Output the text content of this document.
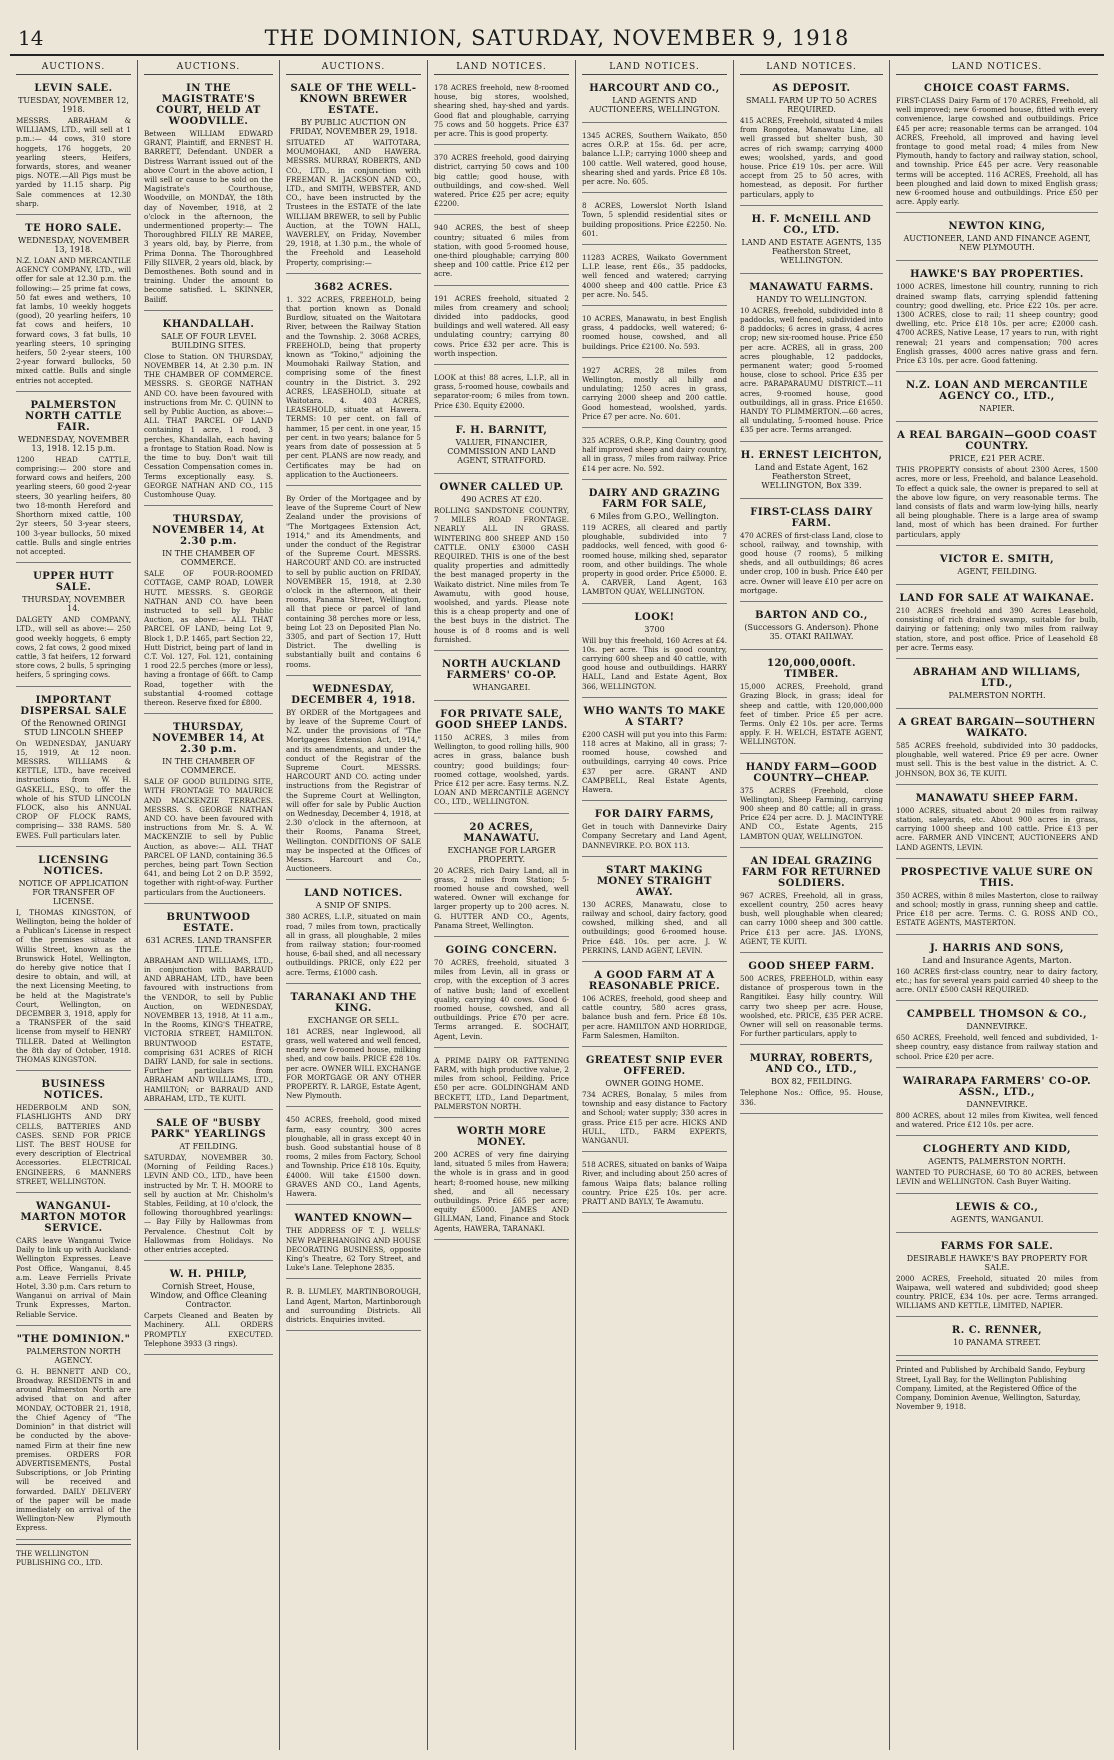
14	THE DOMINION, SATURDAY, NOVEMBER 9, 1918
AUCTIONS.
LEVIN SALE.
TUESDAY, NOVEMBER 12, 1918.
MESSRS. ABRAHAM & WILLIAMS, LTD., will sell at 1 p.m.:— 44 cows, 310 store hoggets, 176 hoggets, 20 yearling steers, Heifers, forwards, stores, and weaner pigs. NOTE.—All Pigs must be yarded by 11.15 sharp. Pig Sale commences at 12.30 sharp.
TE HORO SALE.
WEDNESDAY, NOVEMBER 13, 1918.
N.Z. LOAN AND MERCANTILE AGENCY COMPANY, LTD., will offer for sale at 12.30 p.m. the following:— 25 prime fat cows, 50 fat ewes and wethers, 10 fat lambs, 10 weekly hoggets (good), 20 yearling heifers, 10 fat cows and heifers, 10 forward cows, 3 fat bulls, 10 yearling steers, 10 springing heifers, 50 2-year steers, 100 2-year forward bullocks, 50 mixed cattle. Bulls and single entries not accepted.
PALMERSTON NORTH CATTLE FAIR.
WEDNESDAY, NOVEMBER 13, 1918. 12.15 p.m.
1200 HEAD CATTLE, comprising:— 200 store and forward cows and heifers, 200 yearling steers, 60 good 2-year steers, 30 yearling heifers, 80 two 18-month Hereford and Shorthorn mixed cattle, 100 2yr steers, 50 3-year steers, 100 3-year bullocks, 50 mixed cattle. Bulls and single entries not accepted.
UPPER HUTT SALE.
THURSDAY, NOVEMBER 14.
DALGETY AND COMPANY, LTD., will sell as above:— 250 good weekly hoggets, 6 empty cows, 2 fat cows, 2 good mixed cattle, 3 fat heifers, 12 forward store cows, 2 bulls, 5 springing heifers, 5 springing cows.
IMPORTANT DISPERSAL SALE
Of the Renowned ORINGI STUD LINCOLN SHEEP
On WEDNESDAY, JANUARY 15, 1919, At 12 noon. MESSRS. WILLIAMS & KETTLE, LTD., have received instructions from W. H. GASKELL, ESQ., to offer the whole of his STUD LINCOLN FLOCK, also his ANNUAL CROP OF FLOCK RAMS, comprising— 338 RAMS. 580 EWES. Full particulars later.
LICENSING NOTICES.
NOTICE OF APPLICATION FOR TRANSFER OF LICENSE.
I, THOMAS KINGSTON, of Wellington, being the holder of a Publican's License in respect of the premises situate at Willis Street, known as the Brunswick Hotel, Wellington, do hereby give notice that I desire to obtain, and will, at the next Licensing Meeting, to be held at the Magistrate's Court, Wellington, on DECEMBER 3, 1918, apply for a TRANSFER of the said license from myself to HENRY TILLER. Dated at Wellington the 8th day of October, 1918. THOMAS KINGSTON.
BUSINESS NOTICES.
HEDERBOLM AND SON, FLASHLIGHTS AND DRY CELLS, BATTERIES AND CASES. SEND FOR PRICE LIST. The BEST HOUSE for every description of Electrical Accessories. ELECTRICAL ENGINEERS, 6 MANNERS STREET, WELLINGTON.
WANGANUI-MARTON MOTOR SERVICE.
CARS leave Wanganui Twice Daily to link up with Auckland-Wellington Expresses. Leave Post Office, Wanganui, 8.45 a.m. Leave Ferriells Private Hotel, 3.30 p.m. Cars return to Wanganui on arrival of Main Trunk Expresses, Marton. Reliable Service.
"THE DOMINION."
PALMERSTON NORTH AGENCY.
G. H. BENNETT AND CO., Broadway. RESIDENTS in and around Palmerston North are advised that on and after MONDAY, OCTOBER 21, 1918, the Chief Agency of "The Dominion" in that district will be conducted by the above-named Firm at their fine new premises. ORDERS FOR ADVERTISEMENTS, Postal Subscriptions, or Job Printing will be received and forwarded. DAILY DELIVERY of the paper will be made immediately on arrival of the Wellington-New Plymouth Express.
THE WELLINGTON PUBLISHING CO., LTD.
AUCTIONS.
IN THE MAGISTRATE'S COURT, HELD AT WOODVILLE.
Between WILLIAM EDWARD GRANT, Plaintiff, and ERNEST H. BARRETT, Defendant. UNDER a Distress Warrant issued out of the above Court in the above action, I will sell or cause to be sold on the Magistrate's Courthouse, Woodville, on MONDAY, the 18th day of November, 1918, at 2 o'clock in the afternoon, the undermentioned property:— The Thoroughbred FILLY RE MAREE, 3 years old, bay, by Pierre, from Prima Donna. The Thoroughbred Filly SILVER, 2 years old, black, by Demosthenes. Both sound and in training. Under the amount to become satisfied. L. SKINNER, Bailiff.
KHANDALLAH.
SALE OF FOUR LEVEL BUILDING SITES.
Close to Station. ON THURSDAY, NOVEMBER 14, At 2.30 p.m. IN THE CHAMBER OF COMMERCE. MESSRS. S. GEORGE NATHAN AND CO. have been favoured with instructions from Mr. C. QUINN to sell by Public Auction, as above:— ALL THAT PARCEL OF LAND containing 1 acre, 1 rood, 3 perches, Khandallah, each having a frontage to Station Road. Now is the time to buy. Don't wait till Cessation Compensation comes in. Terms exceptionally easy. S. GEORGE NATHAN AND CO., 115 Customhouse Quay.
THURSDAY, NOVEMBER 14, At 2.30 p.m.
IN THE CHAMBER OF COMMERCE.
SALE OF FOUR-ROOMED COTTAGE, CAMP ROAD, LOWER HUTT. MESSRS. S. GEORGE NATHAN AND CO. have been instructed to sell by Public Auction, as above:— ALL THAT PARCEL OF LAND, being Lot 9, Block 1, D.P. 1465, part Section 22, Hutt District, being part of land in C.T. Vol. 127, Fol. 121, containing 1 rood 22.5 perches (more or less), having a frontage of 66ft. to Camp Road, together with the substantial 4-roomed cottage thereon. Reserve fixed for £800.
THURSDAY, NOVEMBER 14, At 2.30 p.m.
IN THE CHAMBER OF COMMERCE.
SALE OF GOOD BUILDING SITE, WITH FRONTAGE TO MAURICE AND MACKENZIE TERRACES. MESSRS. S. GEORGE NATHAN AND CO. have been favoured with instructions from Mr. S. A. W. MACKENZIE to sell by Public Auction, as above:— ALL THAT PARCEL OF LAND, containing 36.5 perches, being part Town Section 641, and being Lot 2 on D.P. 3592, together with right-of-way. Further particulars from the Auctioneers.
BRUNTWOOD ESTATE.
631 ACRES. LAND TRANSFER TITLE.
ABRAHAM AND WILLIAMS, LTD., in conjunction with BARRAUD AND ABRAHAM, LTD., have been favoured with instructions from the VENDOR, to sell by Public Auction, on WEDNESDAY, NOVEMBER 13, 1918, At 11 a.m., In the Rooms, KING'S THEATRE, VICTORIA STREET, HAMILTON. BRUNTWOOD ESTATE, comprising 631 ACRES of RICH DAIRY LAND, for sale in sections. Further particulars from ABRAHAM AND WILLIAMS, LTD., HAMILTON; or BARRAUD AND ABRAHAM, LTD., TE KUITI.
SALE OF "BUSBY PARK" YEARLINGS
AT FEILDING.
SATURDAY, NOVEMBER 30. (Morning of Feilding Races.) LEVIN AND CO., LTD., have been instructed by Mr. T. H. MOORE to sell by auction at Mr. Chisholm's Stables, Feilding, at 10 o'clock, the following thoroughbred yearlings:— Bay Filly by Hallowmas from Pervalence. Chestnut Colt by Hallowmas from Holidays. No other entries accepted.
W. H. PHILP,
Cornish Street, House, Window, and Office Cleaning Contractor.
Carpets Cleaned and Beaten by Machinery. ALL ORDERS PROMPTLY EXECUTED. Telephone 3933 (3 rings).
AUCTIONS.
SALE OF THE WELL-KNOWN BREWER ESTATE.
BY PUBLIC AUCTION ON FRIDAY, NOVEMBER 29, 1918.
SITUATED AT WAITOTARA, MOUMOHAKI, AND HAWERA. MESSRS. MURRAY, ROBERTS, AND CO., LTD., in conjunction with FREEMAN R. JACKSON AND CO., LTD., and SMITH, WEBSTER, AND CO., have been instructed by the Trustees in the ESTATE of the late WILLIAM BREWER, to sell by Public Auction, at the TOWN HALL, WAVERLEY, on Friday, November 29, 1918, at 1.30 p.m., the whole of the Freehold and Leasehold Property, comprising:—
3682 ACRES.
1. 322 ACRES, FREEHOLD, being that portion known as Donald Burdlow, situated on the Waitotara River, between the Railway Station and the Township. 2. 3068 ACRES, FREEHOLD, being that property known as "Tokino," adjoining the Moumohaki Railway Station, and comprising some of the finest country in the District. 3. 292 ACRES, LEASEHOLD, situate at Waitotara. 4. 403 ACRES, LEASEHOLD, situate at Hawera. TERMS: 10 per cent. on fall of hammer, 15 per cent. in one year, 15 per cent. in two years; balance for 5 years from date of possession at 5 per cent. PLANS are now ready, and Certificates may be had on application to the Auctioneers.
By Order of the Mortgagee and by leave of the Supreme Court of New Zealand under the provisions of "The Mortgagees Extension Act, 1914," and its Amendments, and under the conduct of the Registrar of the Supreme Court. MESSRS. HARCOURT AND CO. are instructed to sell by public auction on FRIDAY, NOVEMBER 15, 1918, at 2.30 o'clock in the afternoon, at their rooms, Panama Street, Wellington, all that piece or parcel of land containing 38 perches more or less, being Lot 23 on Deposited Plan No. 3305, and part of Section 17, Hutt District. The dwelling is substantially built and contains 6 rooms.
WEDNESDAY, DECEMBER 4, 1918.
BY ORDER of the Mortgagees and by leave of the Supreme Court of N.Z. under the provisions of "The Mortgagees Extension Act, 1914," and its amendments, and under the conduct of the Registrar of the Supreme Court. MESSRS. HARCOURT AND CO. acting under instructions from the Registrar of the Supreme Court at Wellington, will offer for sale by Public Auction on Wednesday, December 4, 1918, at 2.30 o'clock in the afternoon, at their Rooms, Panama Street, Wellington. CONDITIONS OF SALE may be inspected at the Offices of Messrs. Harcourt and Co., Auctioneers.
LAND NOTICES.
A SNIP OF SNIPS.
380 ACRES, L.I.P., situated on main road, 7 miles from town, practically all in grass, all ploughable, 2 miles from railway station; four-roomed house, 6-bail shed, and all necessary outbuildings. PRICE, only £22 per acre. Terms, £1000 cash.
TARANAKI AND THE KING.
EXCHANGE OR SELL.
181 ACRES, near Inglewood, all grass, well watered and well fenced, nearly new 6-roomed house, milking shed, and cow bails. PRICE £28 10s. per acre. OWNER WILL EXCHANGE FOR MORTGAGE OR ANY OTHER PROPERTY. R. LARGE, Estate Agent, New Plymouth.
450 ACRES, freehold, good mixed farm, easy country, 300 acres ploughable, all in grass except 40 in bush. Good substantial house of 8 rooms, 2 miles from Factory, School and Township. Price £18 10s. Equity, £4000. Will take £1500 down. GRAVES AND CO., Land Agents, Hawera.
WANTED KNOWN—
THE ADDRESS OF T. J. WELLS' NEW PAPERHANGING AND HOUSE DECORATING BUSINESS, opposite King's Theatre, 62 Tory Street, and Luke's Lane. Telephone 2835.
R. B. LUMLEY, MARTINBOROUGH, Land Agent, Marton, Martinborough and surrounding Districts. All districts. Enquiries invited.
LAND NOTICES.
178 ACRES freehold, new 8-roomed house, big stores, woolshed, shearing shed, hay-shed and yards. Good flat and ploughable, carrying 75 cows and 50 hoggets. Price £37 per acre. This is good property.
370 ACRES freehold, good dairying district, carrying 50 cows and 100 big cattle; good house, with outbuildings, and cow-shed. Well watered. Price £25 per acre; equity £2200.
940 ACRES, the best of sheep country; situated 6 miles from station, with good 5-roomed house, one-third ploughable; carrying 800 sheep and 100 cattle. Price £12 per acre.
191 ACRES freehold, situated 2 miles from creamery and school; divided into paddocks, good buildings and well watered. All easy undulating country; carrying 80 cows. Price £32 per acre. This is worth inspection.
LOOK at this! 88 acres, L.I.P., all in grass, 5-roomed house, cowbails and separator-room; 6 miles from town. Price £30. Equity £2000.
F. H. BARNITT,
VALUER, FINANCIER, COMMISSION AND LAND AGENT, STRATFORD.
OWNER CALLED UP.
490 ACRES AT £20.
ROLLING SANDSTONE COUNTRY, 7 MILES ROAD FRONTAGE. NEARLY ALL IN GRASS. WINTERING 800 SHEEP AND 150 CATTLE. ONLY £3000 CASH REQUIRED. THIS is one of the best quality properties and admittedly the best managed property in the Waikato district. Nine miles from Te Awamutu, with good house, woolshed, and yards. Please note this is a cheap property and one of the best buys in the district. The house is of 8 rooms and is well furnished.
NORTH AUCKLAND FARMERS' CO-OP.
WHANGAREI.
FOR PRIVATE SALE, GOOD SHEEP LANDS.
1150 ACRES, 3 miles from Wellington, to good rolling hills, 900 acres in grass, balance bush country; good buildings; four-roomed cottage, woolshed, yards. Price £12 per acre. Easy terms. N.Z. LOAN AND MERCANTILE AGENCY CO., LTD., WELLINGTON.
20 ACRES, MANAWATU.
EXCHANGE FOR LARGER PROPERTY.
20 ACRES, rich Dairy Land, all in grass, 2 miles from Station; 5-roomed house and cowshed, well watered. Owner will exchange for larger property up to 200 acres. N. G. HUTTER AND CO., Agents, Panama Street, Wellington.
GOING CONCERN.
70 ACRES, freehold, situated 3 miles from Levin, all in grass or crop, with the exception of 3 acres of native bush; land of excellent quality, carrying 40 cows. Good 6-roomed house, cowshed, and all outbuildings. Price £70 per acre. Terms arranged. E. SOCHAIT, Agent, Levin.
A PRIME DAIRY OR FATTENING FARM, with high productive value, 2 miles from school, Feilding. Price £50 per acre. GOLDINGHAM AND BECKETT, LTD., Land Department, PALMERSTON NORTH.
WORTH MORE MONEY.
200 ACRES of very fine dairying land, situated 5 miles from Hawera; the whole is in grass and in good heart; 8-roomed house, new milking shed, and all necessary outbuildings. Price £65 per acre; equity £5000. JAMES AND GILLMAN, Land, Finance and Stock Agents, HAWERA, TARANAKI.
LAND NOTICES.
HARCOURT AND CO.,
LAND AGENTS AND AUCTIONEERS, WELLINGTON.
1345 ACRES, Southern Waikato, 850 acres O.R.P. at 15s. 6d. per acre, balance L.I.P.; carrying 1000 sheep and 100 cattle. Well watered, good house, shearing shed and yards. Price £8 10s. per acre. No. 605.
8 ACRES, Lowerslot North Island Town, 5 splendid residential sites or building propositions. Price £2250. No. 601.
11283 ACRES, Waikato Government L.I.P. lease, rent £6s., 35 paddocks, well fenced and watered; carrying 4000 sheep and 400 cattle. Price £3 per acre. No. 545.
10 ACRES, Manawatu, in best English grass, 4 paddocks, well watered; 6-roomed house, cowshed, and all buildings. Price £2100. No. 593.
1927 ACRES, 28 miles from Wellington, mostly all hilly and undulating; 1250 acres in grass, carrying 2000 sheep and 200 cattle. Good homestead, woolshed, yards. Price £7 per acre. No. 601.
325 ACRES, O.R.P., King Country, good half improved sheep and dairy country, all in grass, 7 miles from railway. Price £14 per acre. No. 592.
DAIRY AND GRAZING FARM FOR SALE,
6 Miles from G.P.O., Wellington.
119 ACRES, all cleared and partly ploughable, subdivided into 7 paddocks, well fenced, with good 6-roomed house, milking shed, separator room, and other buildings. The whole property in good order. Price £5000. E. A. CARVER, Land Agent, 163 LAMBTON QUAY, WELLINGTON.
LOOK!
3700
Will buy this freehold, 160 Acres at £4. 10s. per acre. This is good country, carrying 600 sheep and 40 cattle, with good house and outbuildings. HARRY HALL, Land and Estate Agent, Box 366, WELLINGTON.
WHO WANTS TO MAKE A START?
£200 CASH will put you into this Farm: 118 acres at Makino, all in grass; 7-roomed house, cowshed and outbuildings, carrying 40 cows. Price £37 per acre. GRANT AND CAMPBELL, Real Estate Agents, Hawera.
FOR DAIRY FARMS,
Get in touch with Dannevirke Dairy Company Secretary and Land Agent, DANNEVIRKE. P.O. BOX 113.
START MAKING MONEY STRAIGHT AWAY.
130 ACRES, Manawatu, close to railway and school, dairy factory, good cowshed, milking shed, and all outbuildings; good 6-roomed house. Price £48. 10s. per acre. J. W. PERKINS, LAND AGENT, LEVIN.
A GOOD FARM AT A REASONABLE PRICE.
106 ACRES, freehold, good sheep and cattle country, 580 acres grass, balance bush and fern. Price £8 10s. per acre. HAMILTON AND HORRIDGE, Farm Salesmen, Hamilton.
GREATEST SNIP EVER OFFERED.
OWNER GOING HOME.
734 ACRES, Bonalay, 5 miles from township and easy distance to Factory and School; water supply; 330 acres in grass. Price £15 per acre. HICKS AND HULL, LTD., FARM EXPERTS, WANGANUI.
518 ACRES, situated on banks of Waipa River, and including about 250 acres of famous Waipa flats; balance rolling country. Price £25 10s. per acre. PRATT AND BAYLY, Te Awamutu.
LAND NOTICES.
AS DEPOSIT.
SMALL FARM UP TO 50 ACRES REQUIRED.
415 ACRES, Freehold, situated 4 miles from Rongotea, Manawatu Line, all well grassed but shelter bush, 30 acres of rich swamp; carrying 4000 ewes; woolshed, yards, and good house. Price £19 10s. per acre. Will accept from 25 to 50 acres, with homestead, as deposit. For further particulars, apply to
H. F. McNEILL AND CO., LTD.
LAND AND ESTATE AGENTS, 135 Featherston Street, WELLINGTON.
MANAWATU FARMS.
HANDY TO WELLINGTON.
10 ACRES, freehold, subdivided into 8 paddocks, well fenced, subdivided into 8 paddocks; 6 acres in grass, 4 acres crop; new six-roomed house. Price £50 per acre. ACRES, all in grass, 200 acres ploughable, 12 paddocks, permanent water; good 5-roomed house, close to school. Price £35 per acre. PARAPARAUMU DISTRICT.—11 acres, 9-roomed house, good outbuildings, all in grass. Price £1650. HANDY TO PLIMMERTON.—60 acres, all undulating, 5-roomed house. Price £35 per acre. Terms arranged.
H. ERNEST LEICHTON,
Land and Estate Agent, 162 Featherston Street, WELLINGTON, Box 339.
FIRST-CLASS DAIRY FARM.
470 ACRES of first-class Land, close to school, railway, and township, with good house (7 rooms), 5 milking sheds, and all outbuildings; 86 acres under crop, 100 in bush. Price £40 per acre. Owner will leave £10 per acre on mortgage.
BARTON AND CO.,
(Successors G. Anderson). Phone 35. OTAKI RAILWAY.
120,000,000ft. TIMBER.
15,000 ACRES, Freehold, grand Grazing Block, in grass; ideal for sheep and cattle, with 120,000,000 feet of timber. Price £5 per acre. Terms. Only £2 10s. per acre. Terms apply. F. H. WELCH, ESTATE AGENT, WELLINGTON.
HANDY FARM—GOOD COUNTRY—CHEAP.
375 ACRES (Freehold, close Wellington), Sheep Farming, carrying 900 sheep and 80 cattle; all in grass. Price £24 per acre. D. J. MACINTYRE AND CO., Estate Agents, 215 LAMBTON QUAY, WELLINGTON.
AN IDEAL GRAZING FARM FOR RETURNED SOLDIERS.
967 ACRES, Freehold, all in grass, excellent country, 250 acres heavy bush, well ploughable when cleared; can carry 1000 sheep and 300 cattle. Price £13 per acre. JAS. LYONS, AGENT, TE KUITI.
GOOD SHEEP FARM.
500 ACRES, FREEHOLD, within easy distance of prosperous town in the Rangitikei. Easy hilly country. Will carry two sheep per acre. House, woolshed, etc. PRICE, £35 PER ACRE. Owner will sell on reasonable terms. For further particulars, apply to
MURRAY, ROBERTS, AND CO., LTD.,
BOX 82, FEILDING.
Telephone Nos.: Office, 95. House, 336.
LAND NOTICES.
CHOICE COAST FARMS.
FIRST-CLASS Dairy Farm of 170 ACRES, Freehold, all well improved; new 6-roomed house, fitted with every convenience, large cowshed and outbuildings. Price £45 per acre; reasonable terms can be arranged. 104 ACRES, Freehold, all improved and having level frontage to good metal road; 4 miles from New Plymouth, handy to factory and railway station, school, and township. Price £45 per acre. Very reasonable terms will be accepted. 116 ACRES, Freehold, all has been ploughed and laid down to mixed English grass; new 6-roomed house and outbuildings. Price £50 per acre. Apply early.
NEWTON KING,
AUCTIONEER, LAND AND FINANCE AGENT, NEW PLYMOUTH.
HAWKE'S BAY PROPERTIES.
1000 ACRES, limestone hill country, running to rich drained swamp flats, carrying splendid fattening country; good dwelling, etc. Price £22 10s. per acre. 1300 ACRES, close to rail; 11 sheep country; good dwelling, etc. Price £18 10s. per acre; £2000 cash. 4700 ACRES, Native Lease, 17 years to run, with right renewal; 21 years and compensation; 700 acres English grasses, 4000 acres native grass and fern. Price £3 10s. per acre. Good fattening.
N.Z. LOAN AND MERCANTILE AGENCY CO., LTD.,
NAPIER.
A REAL BARGAIN—GOOD COAST COUNTRY.
PRICE, £21 PER ACRE.
THIS PROPERTY consists of about 2300 Acres, 1500 acres, more or less, Freehold, and balance Leasehold. To effect a quick sale, the owner is prepared to sell at the above low figure, on very reasonable terms. The land consists of flats and warm low-lying hills, nearly all being ploughable. There is a large area of swamp land, most of which has been drained. For further particulars, apply
VICTOR E. SMITH,
AGENT, FEILDING.
LAND FOR SALE AT WAIKANAE.
210 ACRES freehold and 390 Acres Leasehold, consisting of rich drained swamp, suitable for bulb, dairying or fattening; only two miles from railway station, store, and post office. Price of Leasehold £8 per acre. Terms easy.
ABRAHAM AND WILLIAMS, LTD.,
PALMERSTON NORTH.
A GREAT BARGAIN—SOUTHERN WAIKATO.
585 ACRES freehold, subdivided into 30 paddocks, ploughable, well watered. Price £9 per acre. Owner must sell. This is the best value in the district. A. C. JOHNSON, BOX 36, TE KUITI.
MANAWATU SHEEP FARM.
1000 ACRES, situated about 20 miles from railway station, saleyards, etc. About 900 acres in grass, carrying 1000 sheep and 100 cattle. Price £13 per acre. FARMER AND VINCENT, AUCTIONEERS AND LAND AGENTS, LEVIN.
PROSPECTIVE VALUE SURE ON THIS.
350 ACRES, within 8 miles Masterton, close to railway and school; mostly in grass, running sheep and cattle. Price £18 per acre. Terms. C. G. ROSS AND CO., ESTATE AGENTS, MASTERTON.
J. HARRIS AND SONS,
Land and Insurance Agents, Marton.
160 ACRES first-class country, near to dairy factory, etc.; has for several years paid carried 40 sheep to the acre. ONLY £500 CASH REQUIRED.
CAMPBELL THOMSON & CO.,
DANNEVIRKE.
650 ACRES, Freehold, well fenced and subdivided, 1-sheep country, easy distance from railway station and school. Price £20 per acre.
WAIRARAPA FARMERS' CO-OP. ASSN., LTD.,
DANNEVIRKE.
800 ACRES, about 12 miles from Kiwitea, well fenced and watered. Price £12 10s. per acre.
CLOGHERTY AND KIDD,
AGENTS, PALMERSTON NORTH.
WANTED TO PURCHASE, 60 TO 80 ACRES, between LEVIN and WELLINGTON. Cash Buyer Waiting.
LEWIS & CO.,
AGENTS, WANGANUI.
FARMS FOR SALE.
DESIRABLE HAWKE'S BAY PROPERTY FOR SALE.
2000 ACRES, Freehold, situated 20 miles from Waipawa, well watered and subdivided; good sheep country. PRICE, £34 10s. per acre. Terms arranged. WILLIAMS AND KETTLE, LIMITED, NAPIER.
R. C. RENNER,
10 PANAMA STREET.
Printed and Published by Archibald Sando, Feyburg Street, Lyall Bay, for the Wellington Publishing Company, Limited, at the Registered Office of the Company, Dominion Avenue, Wellington, Saturday, November 9, 1918.
